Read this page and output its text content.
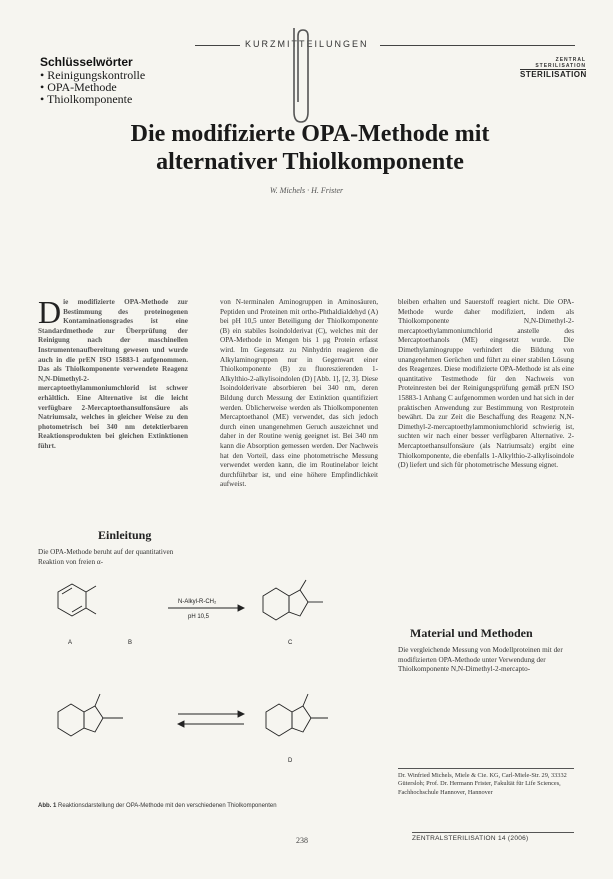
KURZMITTEILUNGEN
ZENTRAL STERILISATION
STERILISATION
Schlüsselwörter
• Reinigungskontrolle
• OPA-Methode
• Thiolkomponente
Die modifizierte OPA-Methode mit alternativer Thiolkomponente
W. Michels · H. Frister
Die modifizierte OPA-Methode zur Bestimmung des proteinogenen Kontaminationsgrades ist eine Standardmethode zur Überprüfung der Reinigung nach der maschinellen Instrumentenaufbereitung gewesen und wurde auch in die prEN ISO 15883-1 aufgenommen. Das als Thiolkomponente verwendete Reagenz N,N-Dimethyl-2-mercaptoethylammoniumchlorid ist schwer erhältlich. Eine Alternative ist die leicht verfügbare 2-Mercaptoethansulfonsäure als Natriumsalz, welches in gleicher Weise zu den photometrisch bei 340 nm detektierbaren Reaktionsprodukten bei gleichen Extinktionen führt.
Einleitung
Die OPA-Methode beruht auf der quantitativen Reaktion von freien α-
von N-terminalen Aminogruppen in Aminosäuren, Peptiden und Proteinen mit ortho-Phthaldialdehyd (A) bei pH 10,5 unter Beteiligung der Thiolkomponente (B) ein stabiles Isoindolderivat (C), welches mit der OPA-Methode in Mengen bis 1 μg Protein erfasst wird. Im Gegensatz zu Ninhydrin reagieren die Alkylaminogruppen nur in Gegenwart einer Thiolkomponente (B) zu fluoreszierenden 1-Alkylthio-2-alkylisoindolen (D) [Abb. 1], [2, 3]. Diese Isoindolderivate absorbieren bei 340 nm, deren Bildung durch Messung der Extinktion quantifiziert werden. Üblicherweise werden als Thiolkomponenten Mercaptoethanol (ME) verwendet, das sich jedoch durch einen unangenehmen Geruch auszeichnet und daher in der Routine wenig geeignet ist. Bei 340 nm kann die Absorption gemessen werden. Der Nachweis hat den Vorteil, dass eine photometrische Messung verwendet werden kann, die im Routinelabor leicht durchführbar ist, und eine höhere Empfindlichkeit aufweist.
bleiben erhalten und Sauerstoff reagiert nicht. Die OPA-Methode wurde daher modifiziert, indem als Thiolkomponente N,N-Dimethyl-2-mercaptoethylammoniumchlorid anstelle des Mercaptoethanols (ME) eingesetzt wurde. Die Dimethylaminogruppe verhindert die Bildung von unangenehmen Gerüchen und führt zu einer stabilen Lösung des Reagenzes. Diese modifizierte OPA-Methode ist als eine quantitative Testmethode für den Nachweis von Proteinresten bei der Reinigungsprüfung gemäß prEN ISO 15883-1 Anhang C aufgenommen worden und hat sich in der praktischen Anwendung zur Bestimmung von Restprotein bewährt. Da zur Zeit die Beschaffung des Reagenz N,N-Dimethyl-2-mercaptoethylammoniumchlorid schwierig ist, suchten wir nach einer besser verfügbaren Alternative. 2-Mercaptoethansulfonsäure (als Natriumsalz) ergibt eine Thiolkomponente, die ebenfalls 1-Alkylthio-2-alkylisoindole (D) liefert und sich für photometrische Messung eignet.
Material und Methoden
Die vergleichende Messung von Modellproteinen mit der modifizierten OPA-Methode unter Verwendung der Thiolkomponente N,N-Dimethyl-2-mercapto-
N-Alkyl-R-CH₂
pH 10,5
A	B	C
D
Abb. 1 Reaktionsdarstellung der OPA-Methode mit den verschiedenen Thiolkomponenten
Dr. Winfried Michels, Miele & Cie. KG, Carl-Miele-Str. 29, 33332 Gütersloh; Prof. Dr. Hermann Frister, Fakultät für Life Sciences, Fachhochschule Hannover, Hannover
238	ZENTRALSTERILISATION 14 (2006)
